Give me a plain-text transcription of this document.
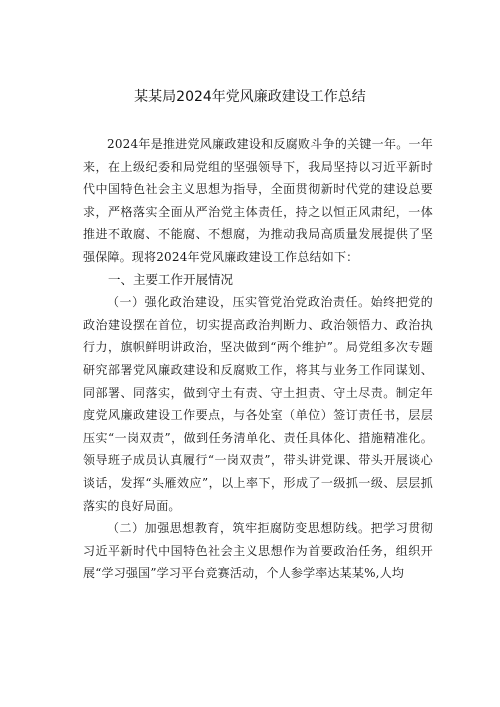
某某局2024年党风廉政建设工作总结

2024年是推进党风廉政建设和反腐败斗争的关键一年。一年来，在上级纪委和局党组的坚强领导下，我局坚持以习近平新时代中国特色社会主义思想为指导，全面贯彻新时代党的建设总要求，严格落实全面从严治党主体责任，持之以恒正风肃纪，一体推进不敢腐、不能腐、不想腐，为推动我局高质量发展提供了坚强保障。现将2024年党风廉政建设工作总结如下：

一、主要工作开展情况

（一）强化政治建设，压实管党治党政治责任。始终把党的政治建设摆在首位，切实提高政治判断力、政治领悟力、政治执行力，旗帜鲜明讲政治，坚决做到“两个维护”。局党组多次专题研究部署党风廉政建设和反腐败工作，将其与业务工作同谋划、同部署、同落实，做到守土有责、守土担责、守土尽责。制定年度党风廉政建设工作要点，与各处室（单位）签订责任书，层层压实“一岗双责”，做到任务清单化、责任具体化、措施精准化。领导班子成员认真履行“一岗双责”，带头讲党课、带头开展谈心谈话，发挥“头雁效应”，以上率下，形成了一级抓一级、层层抓落实的良好局面。

（二）加强思想教育，筑牢拒腐防变思想防线。把学习贯彻习近平新时代中国特色社会主义思想作为首要政治任务，组织开展“学习强国”学习平台竞赛活动，个人参学率达某某%,人均
